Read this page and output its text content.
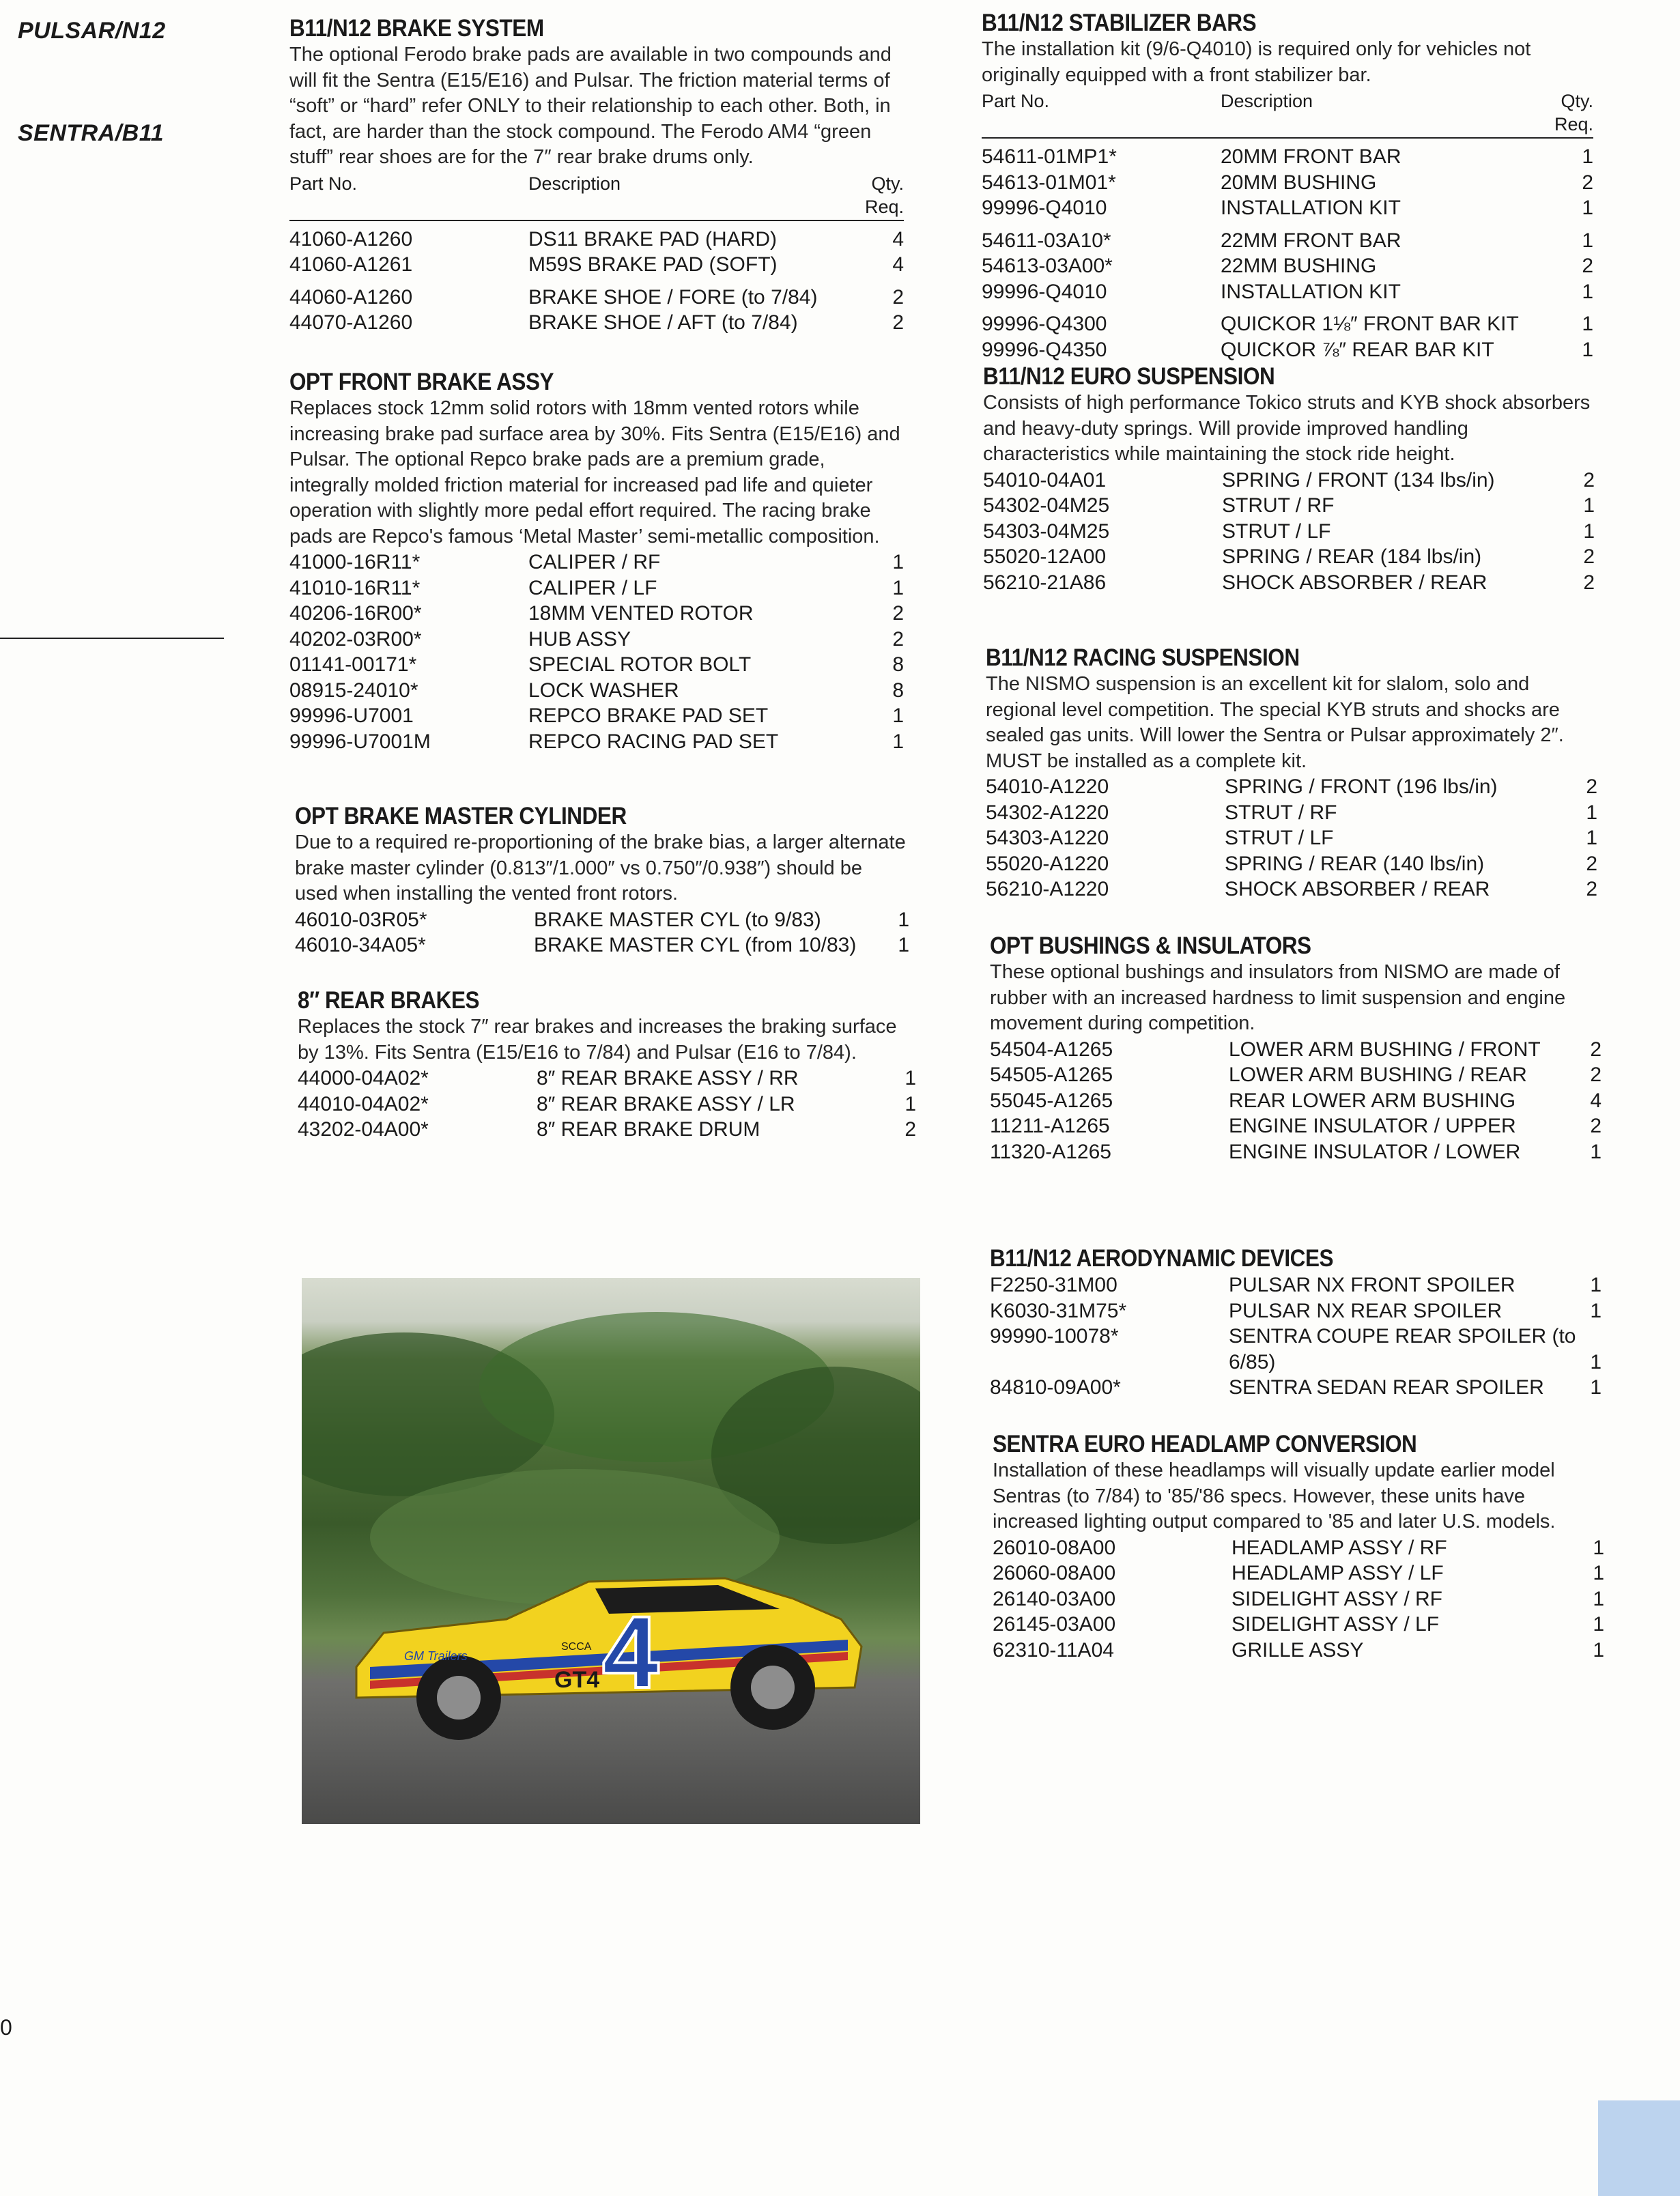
PULSAR/N12
SENTRA/B11
0
B11/N12 BRAKE SYSTEM

The optional Ferodo brake pads are available in two compounds and will fit the Sentra (E15/E16) and Pulsar. The friction material terms of “soft” or “hard” refer ONLY to their relationship to each other. Both, in fact, are harder than the stock compound. The Ferodo AM4 “green stuff” rear shoes are for the 7″ rear brake drums only.

Part No.	Description	Qty. Req.
41060-A1260	DS11 BRAKE PAD (HARD)	4
41060-A1261	M59S BRAKE PAD (SOFT)	4
44060-A1260	BRAKE SHOE / FORE (to 7/84)	2
44070-A1260	BRAKE SHOE / AFT (to 7/84)	2
OPT FRONT BRAKE ASSY

Replaces stock 12mm solid rotors with 18mm vented rotors while increasing brake pad surface area by 30%. Fits Sentra (E15/E16) and Pulsar. The optional Repco brake pads are a premium grade, integrally molded friction material for increased pad life and quieter operation with slightly more pedal effort required. The racing brake pads are Repco's famous ‘Metal Master’ semi-metallic composition.

41000-16R11*	CALIPER / RF	1
41010-16R11*	CALIPER / LF	1
40206-16R00*	18MM VENTED ROTOR	2
40202-03R00*	HUB ASSY	2
01141-00171*	SPECIAL ROTOR BOLT	8
08915-24010*	LOCK WASHER	8
99996-U7001	REPCO BRAKE PAD SET	1
99996-U7001M	REPCO RACING PAD SET	1
OPT BRAKE MASTER CYLINDER

Due to a required re-proportioning of the brake bias, a larger alternate brake master cylinder (0.813″/1.000″ vs 0.750″/0.938″) should be used when installing the vented front rotors.

46010-03R05*	BRAKE MASTER CYL (to 9/83)	1
46010-34A05*	BRAKE MASTER CYL (from 10/83)	1
8″ REAR BRAKES

Replaces the stock 7″ rear brakes and increases the braking surface by 13%. Fits Sentra (E15/E16 to 7/84) and Pulsar (E16 to 7/84).

44000-04A02*	8″ REAR BRAKE ASSY / RR	1
44010-04A02*	8″ REAR BRAKE ASSY / LR	1
43202-04A00*	8″ REAR BRAKE DRUM	2
4
GT4
GM Trailers
SCCA
B11/N12 STABILIZER BARS

The installation kit (9/6-Q4010) is required only for vehicles not originally equipped with a front stabilizer bar.

Part No.	Description	Qty. Req.
54611-01MP1*	20MM FRONT BAR	1
54613-01M01*	20MM BUSHING	2
99996-Q4010	INSTALLATION KIT	1
54611-03A10*	22MM FRONT BAR	1
54613-03A00*	22MM BUSHING	2
99996-Q4010	INSTALLATION KIT	1
99996-Q4300	QUICKOR 1⅛″ FRONT BAR KIT	1
99996-Q4350	QUICKOR ⅞″ REAR BAR KIT	1
B11/N12 EURO SUSPENSION

Consists of high performance Tokico struts and KYB shock absorbers and heavy-duty springs. Will provide improved handling characteristics while maintaining the stock ride height.

54010-04A01	SPRING / FRONT (134 lbs/in)	2
54302-04M25	STRUT / RF	1
54303-04M25	STRUT / LF	1
55020-12A00	SPRING / REAR (184 lbs/in)	2
56210-21A86	SHOCK ABSORBER / REAR	2
B11/N12 RACING SUSPENSION

The NISMO suspension is an excellent kit for slalom, solo and regional level competition. The special KYB struts and shocks are sealed gas units. Will lower the Sentra or Pulsar approximately 2″. MUST be installed as a complete kit.

54010-A1220	SPRING / FRONT (196 lbs/in)	2
54302-A1220	STRUT / RF	1
54303-A1220	STRUT / LF	1
55020-A1220	SPRING / REAR (140 lbs/in)	2
56210-A1220	SHOCK ABSORBER / REAR	2
OPT BUSHINGS & INSULATORS

These optional bushings and insulators from NISMO are made of rubber with an increased hardness to limit suspension and engine movement during competition.

54504-A1265	LOWER ARM BUSHING / FRONT	2
54505-A1265	LOWER ARM BUSHING / REAR	2
55045-A1265	REAR LOWER ARM BUSHING	4
11211-A1265	ENGINE INSULATOR / UPPER	2
11320-A1265	ENGINE INSULATOR / LOWER	1
B11/N12 AERODYNAMIC DEVICES
F2250-31M00	PULSAR NX FRONT SPOILER	1
K6030-31M75*	PULSAR NX REAR SPOILER	1
99990-10078*	SENTRA COUPE REAR SPOILER (to 6/85)	1
84810-09A00*	SENTRA SEDAN REAR SPOILER	1
SENTRA EURO HEADLAMP CONVERSION

Installation of these headlamps will visually update earlier model Sentras (to 7/84) to '85/'86 specs. However, these units have increased lighting output compared to '85 and later U.S. models.

26010-08A00	HEADLAMP ASSY / RF	1
26060-08A00	HEADLAMP ASSY / LF	1
26140-03A00	SIDELIGHT ASSY / RF	1
26145-03A00	SIDELIGHT ASSY / LF	1
62310-11A04	GRILLE ASSY	1
